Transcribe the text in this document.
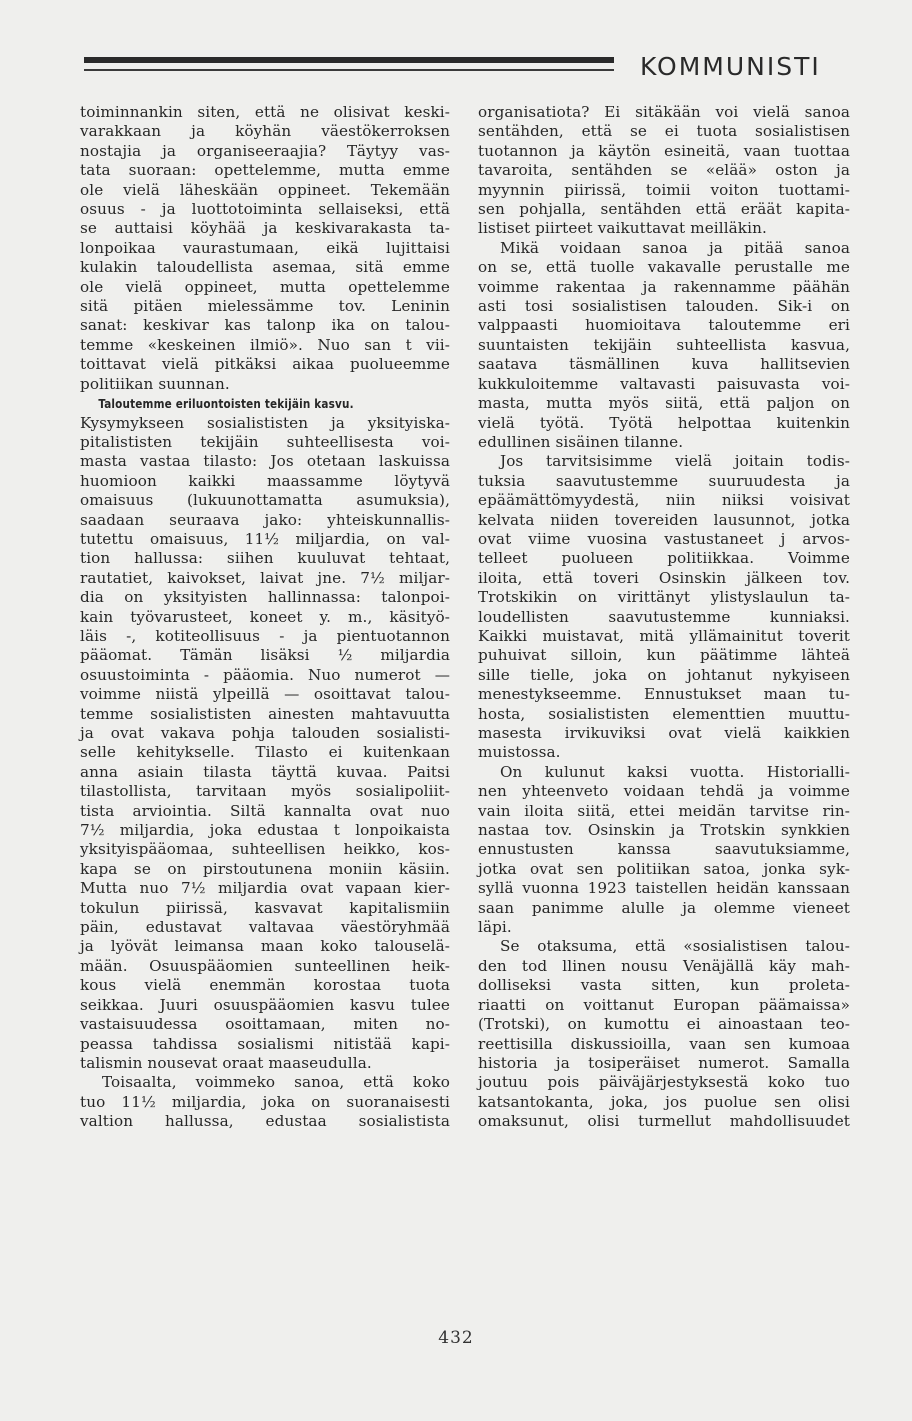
KOMMUNISTI
toiminnankin siten, että ne olisivat keski-
varakkaan ja köyhän väestökerroksen
nostajia ja organiseeraajia? Täytyy vas-
tata suoraan: opettelemme, mutta emme
ole vielä läheskään oppineet. Tekemään
osuus - ja luottotoiminta sellaiseksi, että
se auttaisi köyhää ja keskivarakasta ta-
lonpoikaa vaurastumaan, eikä lujittaisi
kulakin taloudellista asemaa, sitä emme
ole vielä oppineet, mutta opettelemme
sitä pitäen mielessämme tov. Leninin
sanat: keskivar kas talonp ika on talou-
temme «keskeinen ilmiö». Nuo san t vii-
toittavat vielä pitkäksi aikaa puolueemme
politiikan suunnan.
Taloutemme eriluontoisten tekijäin kasvu.
Kysymykseen sosialististen ja yksityiska-
pitalististen tekijäin suhteellisesta voi-
masta vastaa tilasto: Jos otetaan laskuissa
huomioon kaikki maassamme löytyvä
omaisuus (lukuunottamatta asumuksia),
saadaan seuraava jako: yhteiskunnallis-
tutettu omaisuus, 11½ miljardia, on val-
tion hallussa: siihen kuuluvat tehtaat,
rautatiet, kaivokset, laivat jne. 7½ miljar-
dia on yksityisten hallinnassa: talonpoi-
kain työvarusteet, koneet y. m., käsityö-
läis -, kotiteollisuus - ja pientuotannon
pääomat. Tämän lisäksi ½ miljardia
osuustoiminta - pääomia. Nuo numerot —
voimme niistä ylpeillä — osoittavat talou-
temme sosialististen ainesten mahtavuutta
ja ovat vakava pohja talouden sosialisti-
selle kehitykselle. Tilasto ei kuitenkaan
anna asiain tilasta täyttä kuvaa. Paitsi
tilastollista, tarvitaan myös sosialipoliit-
tista arviointia. Siltä kannalta ovat nuo
7½ miljardia, joka edustaa t lonpoikaista
yksityispääomaa, suhteellisen heikko, kos-
kapa se on pirstoutunena moniin käsiin.
Mutta nuo 7½ miljardia ovat vapaan kier-
tokulun piirissä, kasvavat kapitalismiin
päin, edustavat valtavaa väestöryhmää
ja lyövät leimansa maan koko talouselä-
mään. Osuuspääomien sunteellinen heik-
kous vielä enemmän korostaa tuota
seikkaa. Juuri osuuspääomien kasvu tulee
vastaisuudessa osoittamaan, miten no-
peassa tahdissa sosialismi nitistää kapi-
talismin nousevat oraat maaseudulla.
Toisaalta, voimmeko sanoa, että koko
tuo 11½ miljardia, joka on suoranaisesti
valtion hallussa, edustaa sosialistista
organisatiota? Ei sitäkään voi vielä sanoa
sentähden, että se ei tuota sosialistisen
tuotannon ja käytön esineitä, vaan tuottaa
tavaroita, sentähden se «elää» oston ja
myynnin piirissä, toimii voiton tuottami-
sen pohjalla, sentähden että eräät kapita-
listiset piirteet vaikuttavat meilläkin.
Mikä voidaan sanoa ja pitää sanoa
on se, että tuolle vakavalle perustalle me
voimme rakentaa ja rakennamme päähän
asti tosi sosialistisen talouden. Sik-i on
valppaasti huomioitava taloutemme eri
suuntaisten tekijäin suhteellista kasvua,
saatava täsmällinen kuva hallitsevien
kukkuloitemme valtavasti paisuvasta voi-
masta, mutta myös siitä, että paljon on
vielä työtä. Työtä helpottaa kuitenkin
edullinen sisäinen tilanne.
Jos tarvitsisimme vielä joitain todis-
tuksia saavutustemme suuruudesta ja
epäämättömyydestä, niin niiksi voisivat
kelvata niiden tovereiden lausunnot, jotka
ovat viime vuosina vastustaneet j arvos-
telleet puolueen politiikkaa. Voimme
iloita, että toveri Osinskin jälkeen tov.
Trotskikin on virittänyt ylistyslaulun ta-
loudellisten saavutustemme kunniaksi.
Kaikki muistavat, mitä yllämainitut toverit
puhuivat silloin, kun päätimme lähteä
sille tielle, joka on johtanut nykyiseen
menestykseemme. Ennustukset maan tu-
hosta, sosialististen elementtien muuttu-
masesta irvikuviksi ovat vielä kaikkien
muistossa.
On kulunut kaksi vuotta. Historialli-
nen yhteenveto voidaan tehdä ja voimme
vain iloita siitä, ettei meidän tarvitse rin-
nastaa tov. Osinskin ja Trotskin synkkien
ennustusten kanssa saavutuksiamme,
jotka ovat sen politiikan satoa, jonka syk-
syllä vuonna 1923 taistellen heidän kanssaan
saan panimme alulle ja olemme vieneet
läpi.
Se otaksuma, että «sosialistisen talou-
den tod llinen nousu Venäjällä käy mah-
dolliseksi vasta sitten, kun proleta-
riaatti on voittanut Europan päämaissa»
(Trotski), on kumottu ei ainoastaan teo-
reettisilla diskussioilla, vaan sen kumoaa
historia ja tosiperäiset numerot. Samalla
joutuu pois päiväjärjestyksestä koko tuo
katsantokanta, joka, jos puolue sen olisi
omaksunut, olisi turmellut mahdollisuudet
432
